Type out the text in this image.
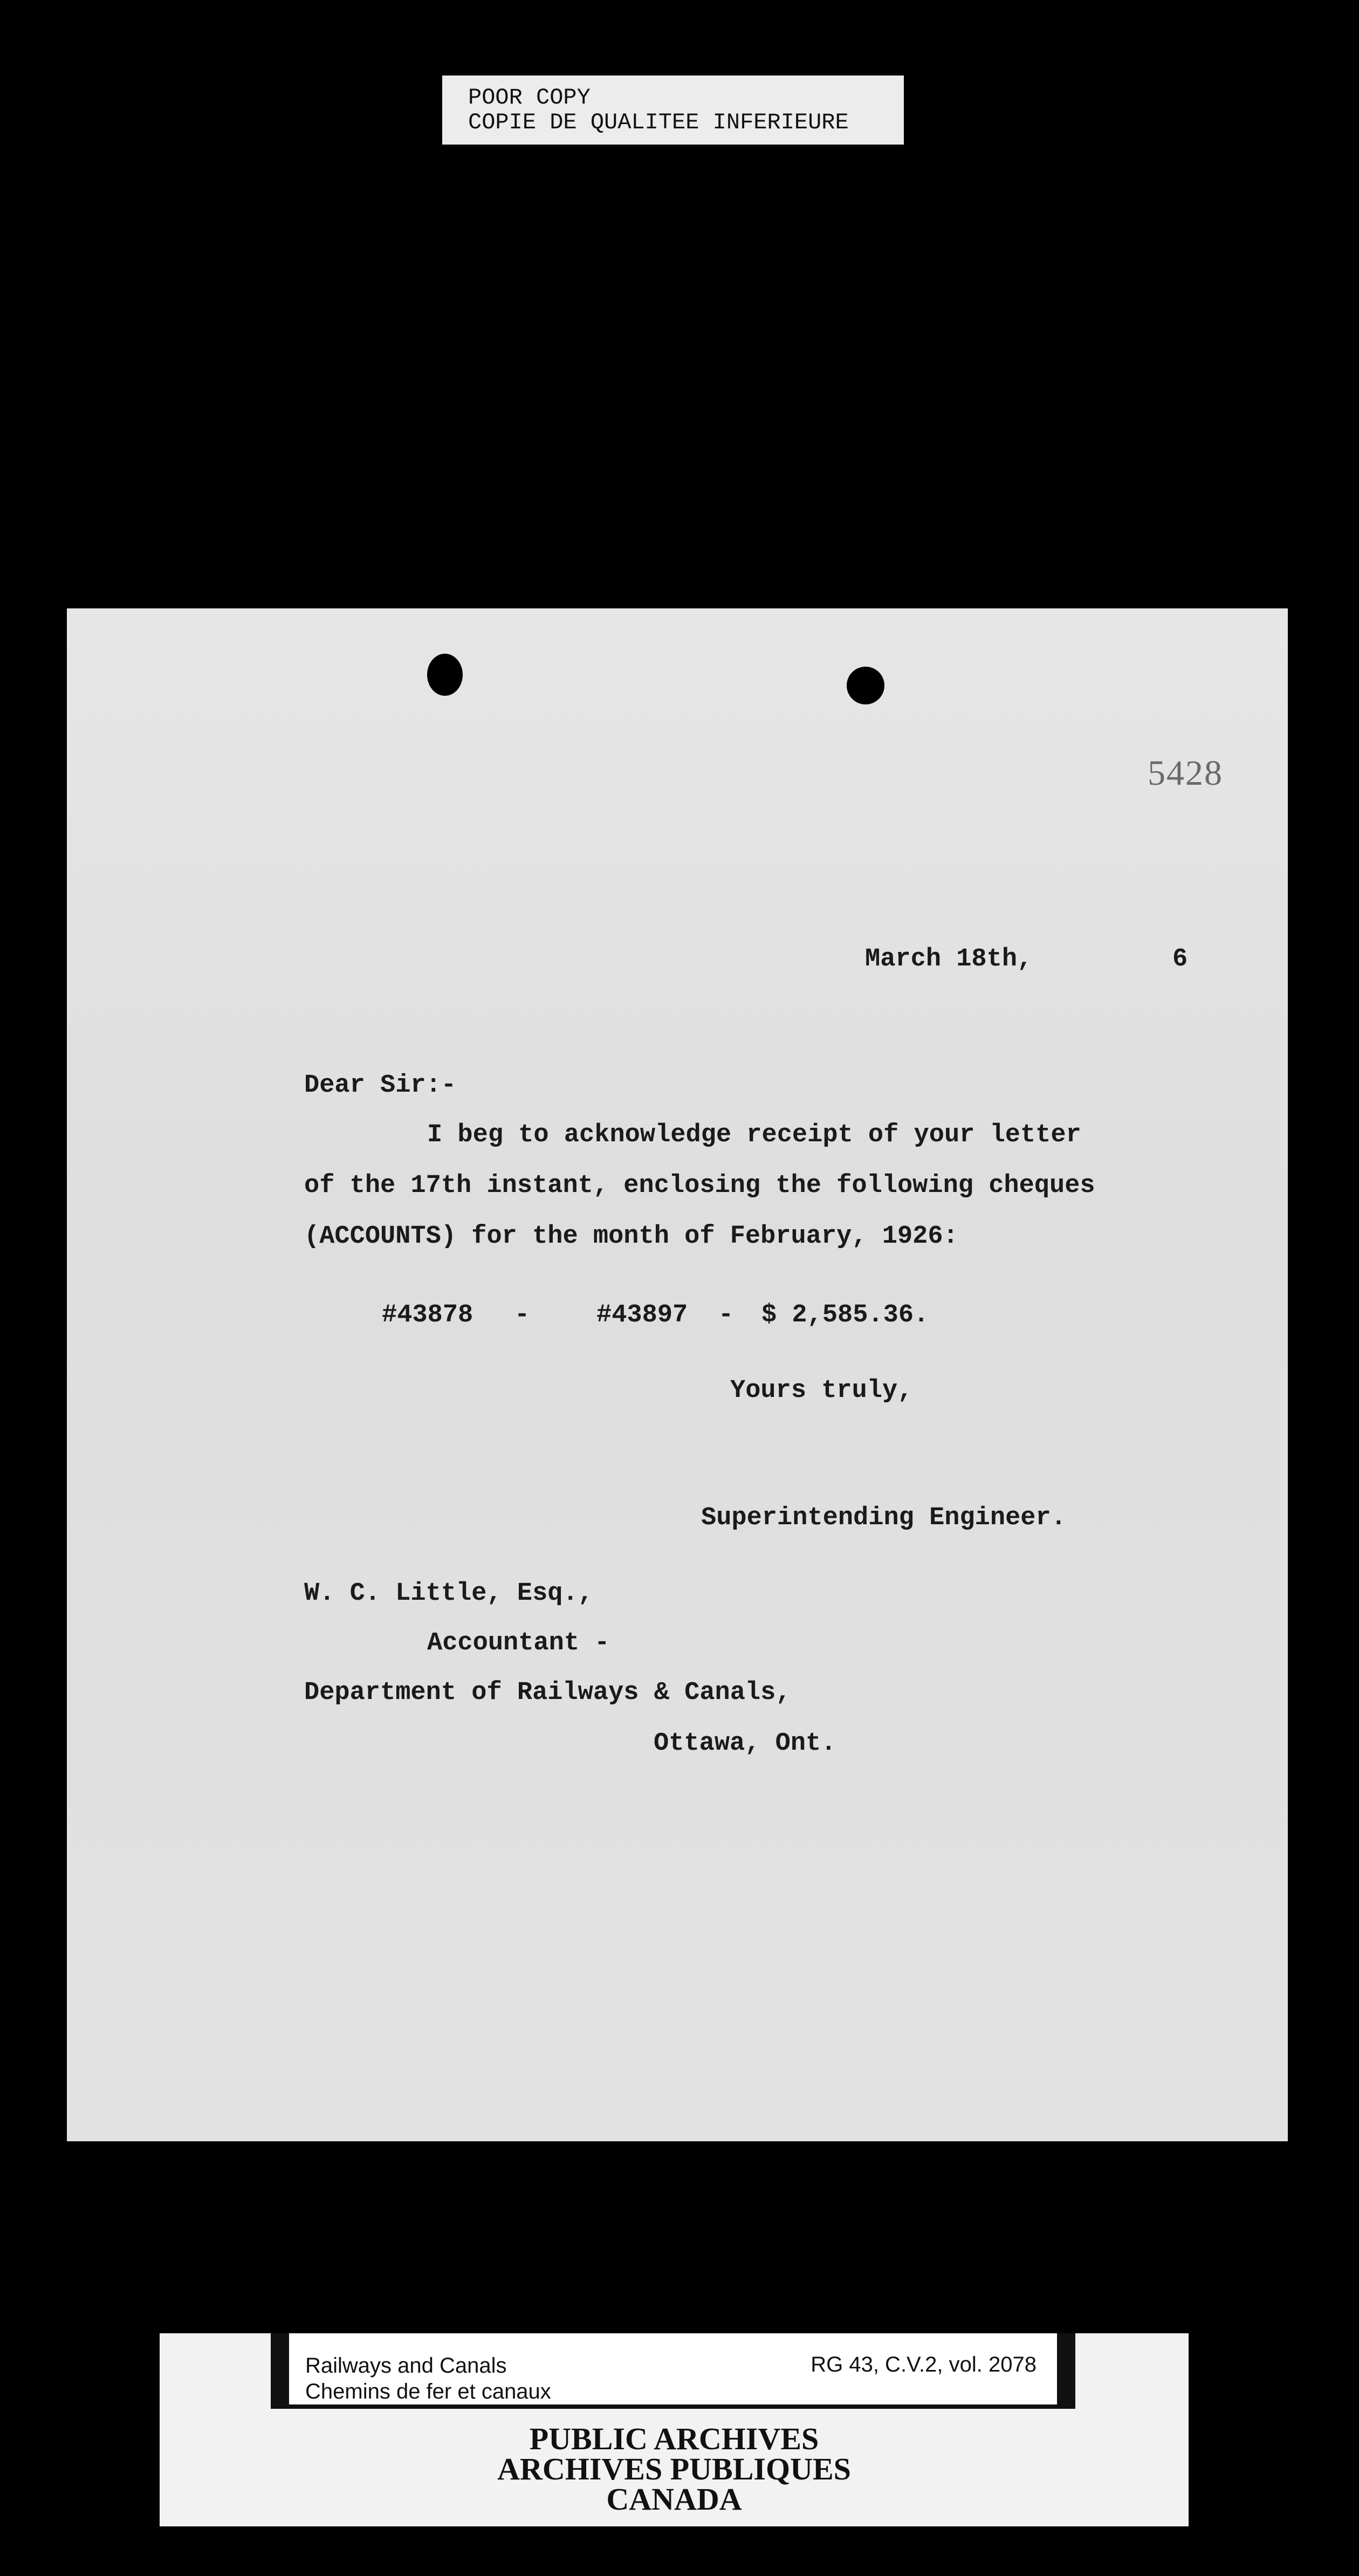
POOR COPY
COPIE DE QUALITEE INFERIEURE
5428
March 18th,	6
Dear Sir:-
I beg to acknowledge receipt of your letter
of the 17th instant, enclosing the following cheques
(ACCOUNTS) for the month of February, 1926:
#43878 -	#43897 - $ 2,585.36.
Yours truly,
Superintending Engineer.
W. C. Little, Esq.,
Accountant -
Department of Railways & Canals,
Ottawa, Ont.
Railways and Canals
Chemins de fer et canaux
RG 43, C.V.2, vol. 2078
PUBLIC ARCHIVES
ARCHIVES PUBLIQUES
CANADA
